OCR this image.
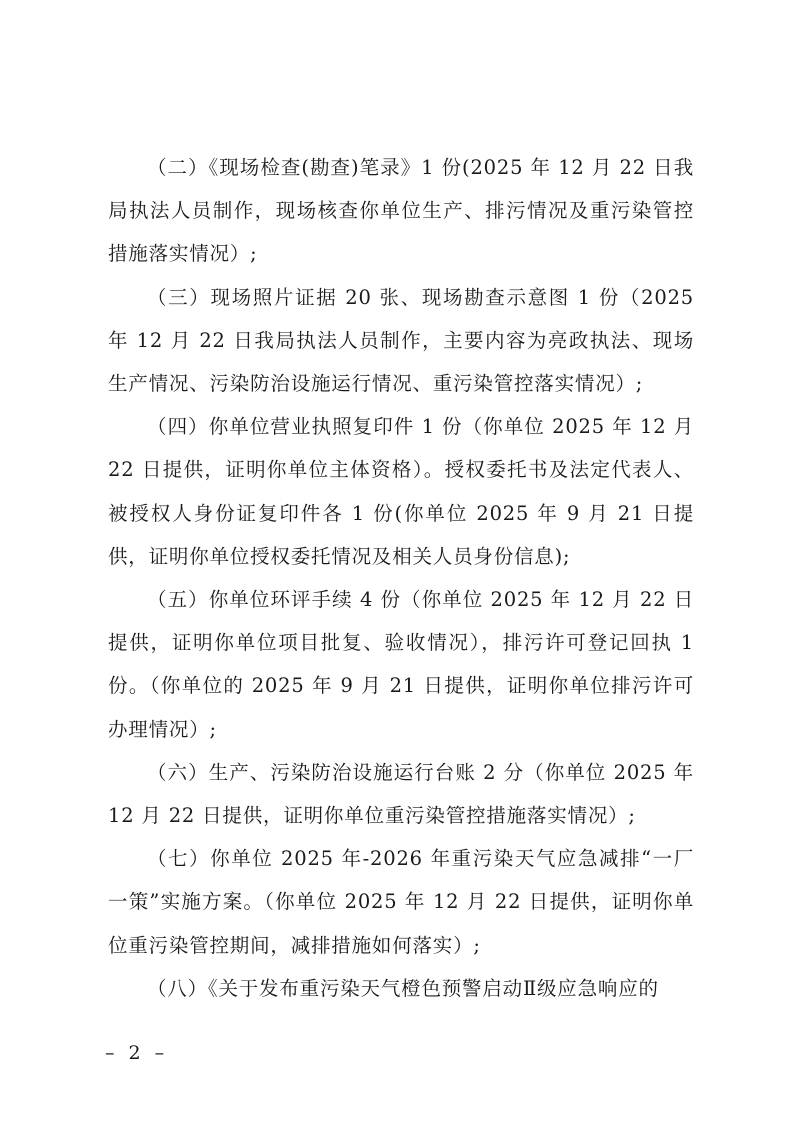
（二）《现场检查(勘查)笔录》1 份(2025 年 12 月 22 日我局执法人员制作，现场核查你单位生产、排污情况及重污染管控措施落实情况）;

（三）现场照片证据 20 张、现场勘查示意图 1 份（2025 年 12 月 22 日我局执法人员制作，主要内容为亮政执法、现场生产情况、污染防治设施运行情况、重污染管控落实情况）;

（四）你单位营业执照复印件 1 份（你单位 2025 年 12 月 22 日提供，证明你单位主体资格）。授权委托书及法定代表人、被授权人身份证复印件各 1 份(你单位 2025 年 9 月 21 日提供，证明你单位授权委托情况及相关人员身份信息);

（五）你单位环评手续 4 份（你单位 2025 年 12 月 22 日提供，证明你单位项目批复、验收情况），排污许可登记回执 1 份。（你单位的 2025 年 9 月 21 日提供，证明你单位排污许可办理情况）;

（六）生产、污染防治设施运行台账 2 分（你单位 2025 年 12 月 22 日提供，证明你单位重污染管控措施落实情况）;

（七）你单位 2025 年-2026 年重污染天气应急减排“一厂一策”实施方案。（你单位 2025 年 12 月 22 日提供，证明你单位重污染管控期间，减排措施如何落实）;

（八）《关于发布重污染天气橙色预警启动Ⅱ级应急响应的

– 2 –
